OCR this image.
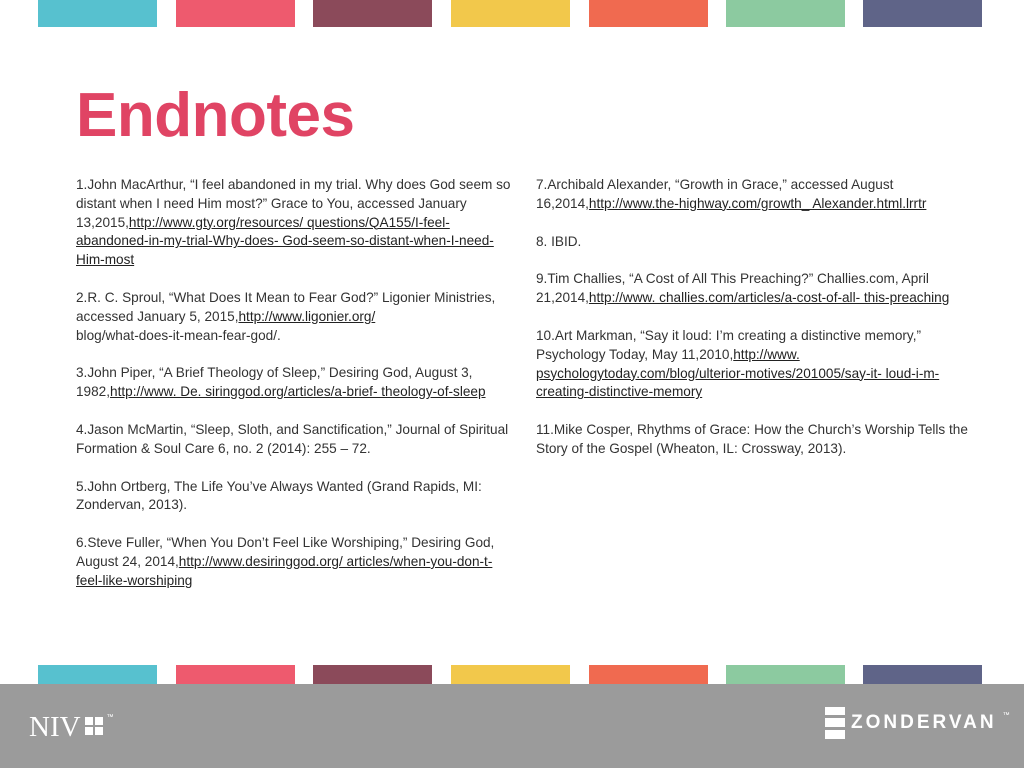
Endnotes

1.John MacArthur, “I feel abandoned in my trial. Why does God seem so distant when I need Him most?” Grace to You, accessed January 13,2015,http://www.gty.org/resources/ questions/QA155/I-feel-abandoned-in-my-trial-Why-does- God-seem-so-distant-when-I-need-Him-most

2.R. C. Sproul, “What Does It Mean to Fear God?” Ligonier Ministries, accessed January 5, 2015,http://www.ligonier.org/
blog/what-does-it-mean-fear-god/.

3.John Piper, “A Brief Theology of Sleep,” Desiring God, August 3, 1982,http://www. De. siringgod.org/articles/a-brief- theology-of-sleep

4.Jason McMartin, “Sleep, Sloth, and Sanctification,” Journal of Spiritual Formation & Soul Care 6, no. 2 (2014): 255 – 72.

5.John Ortberg, The Life You’ve Always Wanted (Grand Rapids, MI: Zondervan, 2013).

6.Steve Fuller, “When You Don’t Feel Like Worshiping,” Desiring God, August 24, 2014,http://www.desiringgod.org/ articles/when-you-don-t-feel-like-worshiping

7.Archibald Alexander, “Growth in Grace,” accessed August 16,2014,http://www.the-highway.com/growth_ Alexander.html.lrrtr

8. IBID.

9.Tim Challies, “A Cost of All This Preaching?” Challies.com, April 21,2014,http://www. challies.com/articles/a-cost-of-all- this-preaching

10.Art Markman, “Say it loud: I’m creating a distinctive memory,” Psychology Today, May 11,2010,http://www. psychologytoday.com/blog/ulterior-motives/201005/say-it- loud-i-m-creating-distinctive-memory

11.Mike Cosper, Rhythms of Grace: How the Church’s Worship Tells the Story of the Gospel (Wheaton, IL: Crossway, 2013).

NIV	™	ZONDERVAN ™
